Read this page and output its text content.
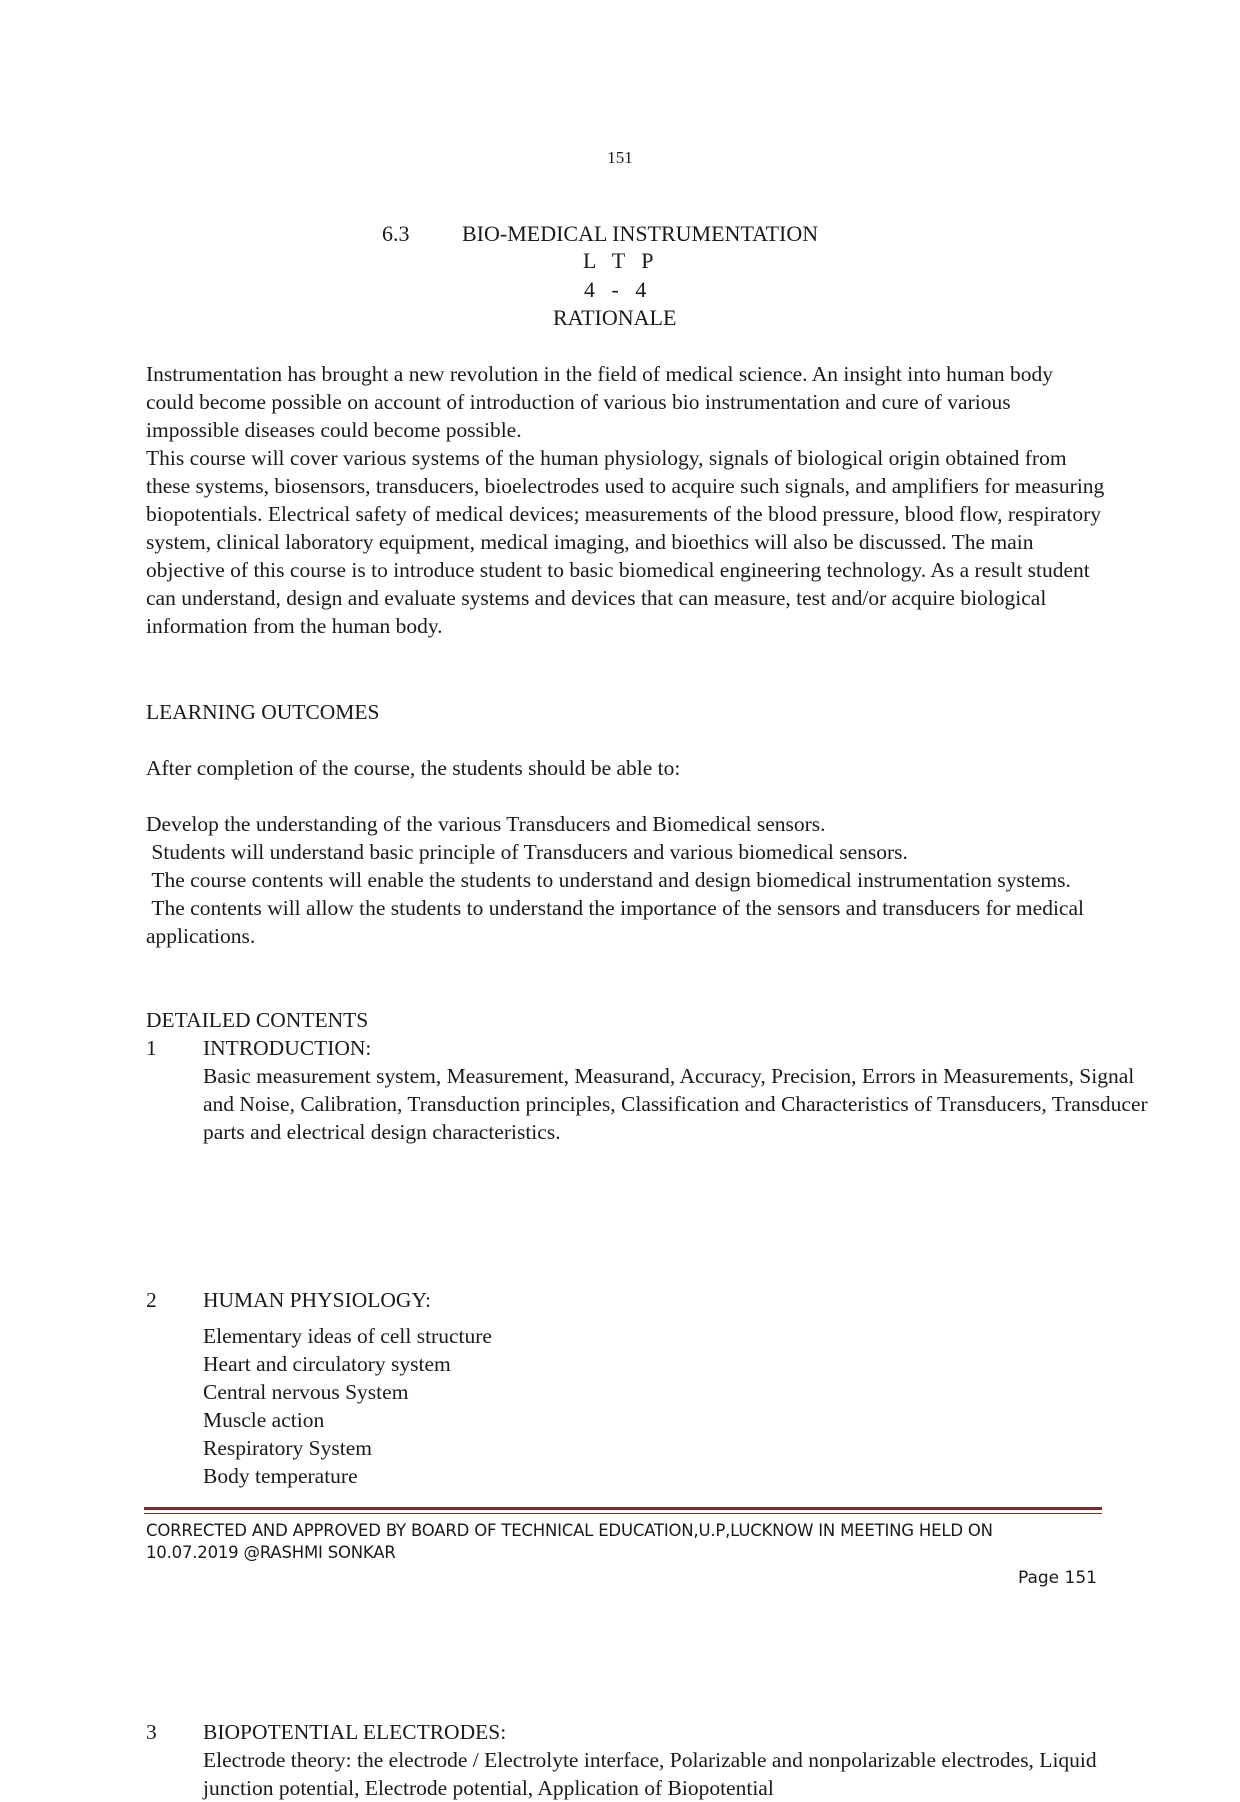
151
6.3 BIO-MEDICAL INSTRUMENTATION
L   T   P
4   -   4
RATIONALE

Instrumentation has brought a new revolution in the field of medical science. An insight into human body could become possible on account of introduction of various bio instrumentation and cure of various impossible diseases could become possible.

This course will cover various systems of the human physiology, signals of biological origin obtained from these systems, biosensors, transducers, bioelectrodes used to acquire such signals, and amplifiers for measuring biopotentials. Electrical safety of medical devices; measurements of the blood pressure, blood flow, respiratory system, clinical laboratory equipment, medical imaging, and bioethics will also be discussed. The main objective of this course is to introduce student to basic biomedical engineering technology. As a result student can understand, design and evaluate systems and devices that can measure, test and/or acquire biological information from the human body.

LEARNING OUTCOMES
After completion of the course, the students should be able to:

Develop the understanding of the various Transducers and Biomedical sensors.

Students will understand basic principle of Transducers and various biomedical sensors.

The course contents will enable the students to understand and design biomedical instrumentation systems.

The contents will allow the students to understand the importance of the sensors and transducers for medical applications.

DETAILED CONTENTS
1 INTRODUCTION:

Basic measurement system, Measurement, Measurand, Accuracy, Precision, Errors in Measurements, Signal and Noise, Calibration, Transduction principles, Classification and Characteristics of Transducers, Transducer parts and electrical design characteristics.

2 HUMAN PHYSIOLOGY:

Elementary ideas of cell structure

Heart and circulatory system

Central nervous System

Muscle action

Respiratory System

Body temperature

3 BIOPOTENTIAL ELECTRODES:

Electrode theory: the electrode / Electrolyte interface, Polarizable and nonpolarizable electrodes, Liquid junction potential, Electrode potential, Application of Biopotential

CORRECTED AND APPROVED BY BOARD OF TECHNICAL EDUCATION,U.P,LUCKNOW IN MEETING HELD ON
10.07.2019 @RASHMI SONKAR
Page 151
